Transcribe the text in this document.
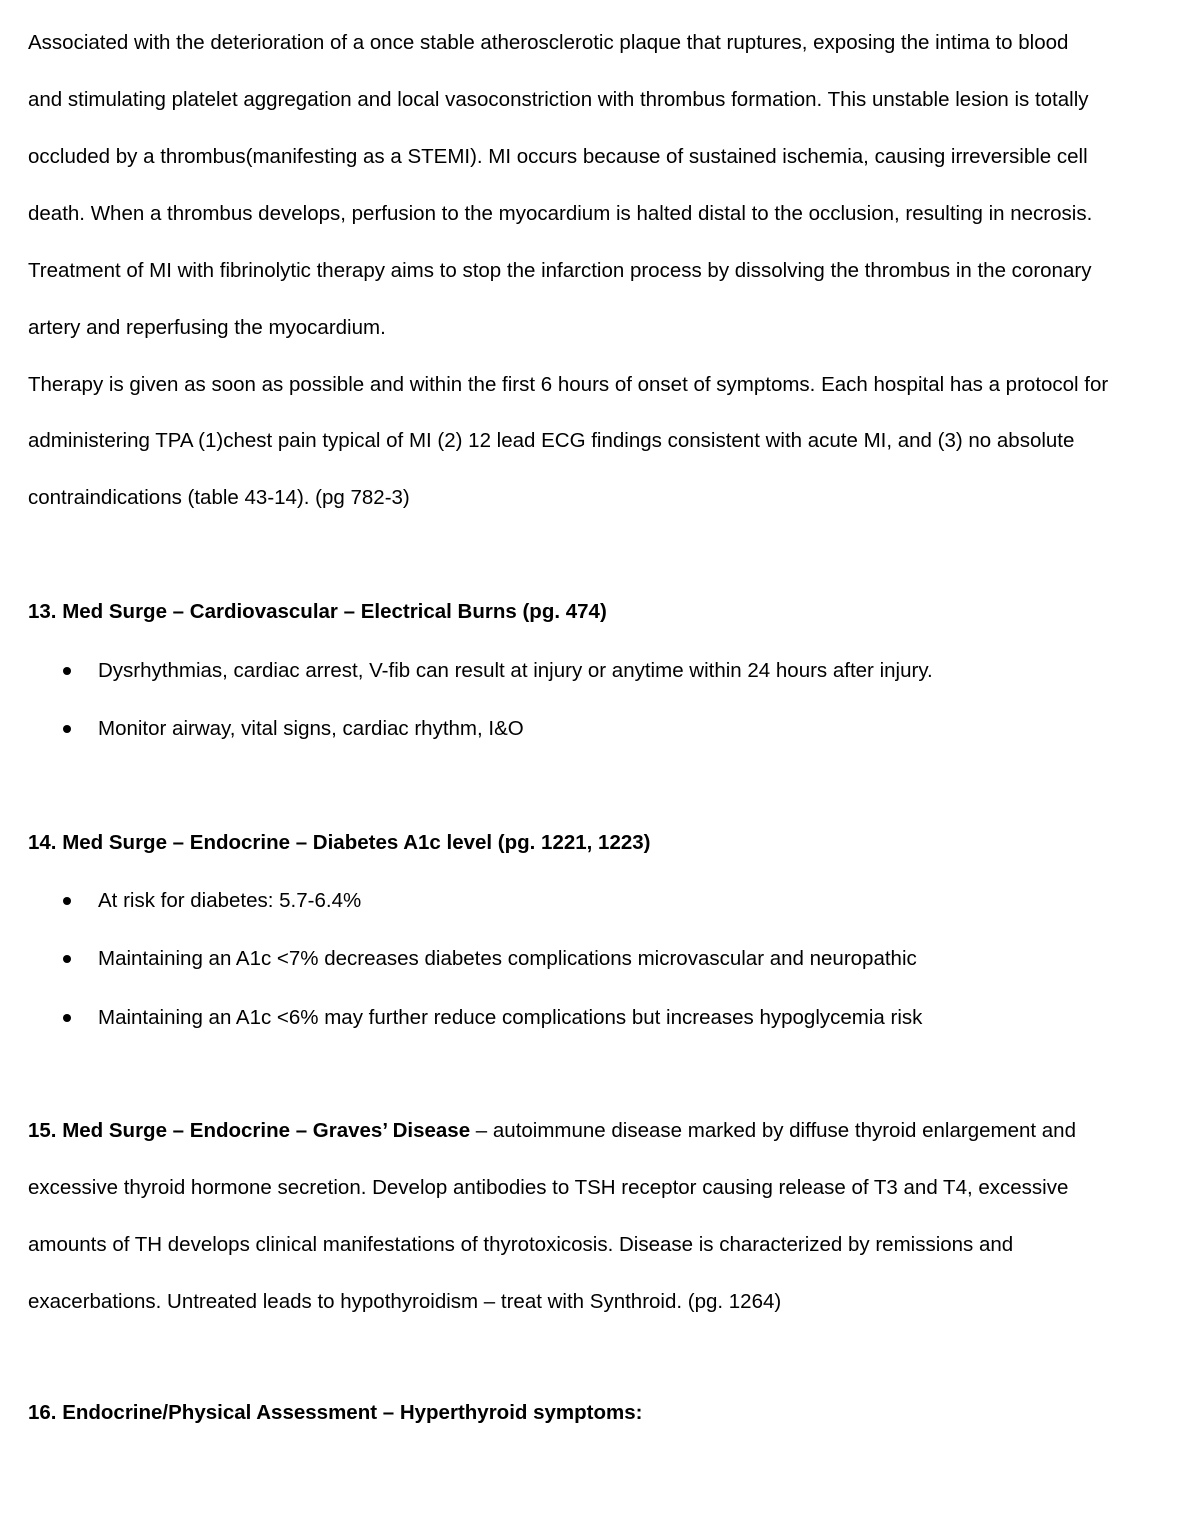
Associated with the deterioration of a once stable atherosclerotic plaque that ruptures, exposing the intima to blood
and stimulating platelet aggregation and local vasoconstriction with thrombus formation. This unstable lesion is totally
occluded by a thrombus(manifesting as a STEMI). MI occurs because of sustained ischemia, causing irreversible cell
death. When a thrombus develops, perfusion to the myocardium is halted distal to the occlusion, resulting in necrosis.
Treatment of MI with fibrinolytic therapy aims to stop the infarction process by dissolving the thrombus in the coronary
artery and reperfusing the myocardium.
Therapy is given as soon as possible and within the first 6 hours of onset of symptoms. Each hospital has a protocol for
administering TPA (1)chest pain typical of MI (2) 12 lead ECG findings consistent with acute MI, and (3) no absolute
contraindications (table 43-14). (pg 782-3)
13. Med Surge – Cardiovascular – Electrical Burns (pg. 474)
Dysrhythmias, cardiac arrest, V-fib can result at injury or anytime within 24 hours after injury.
Monitor airway, vital signs, cardiac rhythm, I&O
14. Med Surge – Endocrine – Diabetes A1c level (pg. 1221, 1223)
At risk for diabetes: 5.7-6.4%
Maintaining an A1c <7% decreases diabetes complications microvascular and neuropathic
Maintaining an A1c <6% may further reduce complications but increases hypoglycemia risk
15. Med Surge – Endocrine – Graves’ Disease – autoimmune disease marked by diffuse thyroid enlargement and
excessive thyroid hormone secretion. Develop antibodies to TSH receptor causing release of T3 and T4, excessive
amounts of TH develops clinical manifestations of thyrotoxicosis. Disease is characterized by remissions and
exacerbations. Untreated leads to hypothyroidism – treat with Synthroid. (pg. 1264)
16. Endocrine/Physical Assessment – Hyperthyroid symptoms:
